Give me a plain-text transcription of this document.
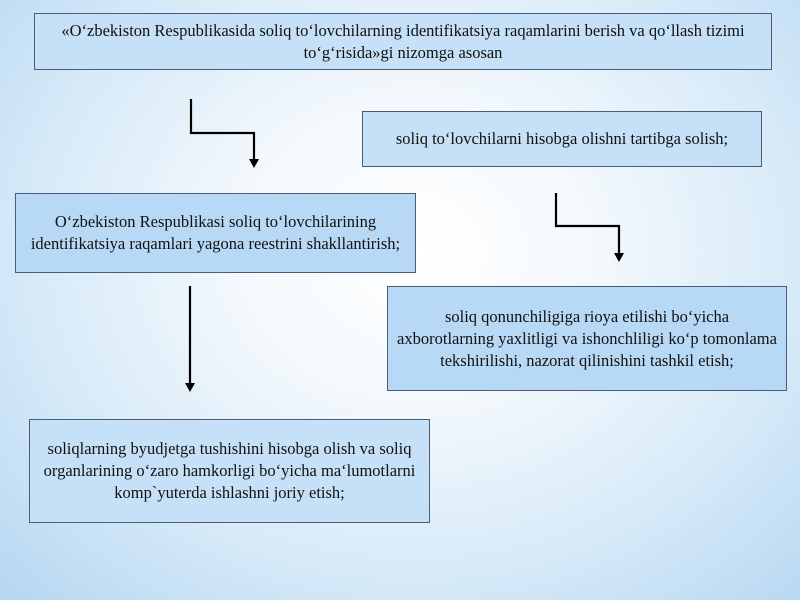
«O‘zbekiston Respublikasida soliq to‘lovchilarning identifikatsiya raqamlarini berish va qo‘llash tizimi to‘g‘risida»gi nizomga asosan
soliq to‘lovchilarni hisobga olishni tartibga solish;
O‘zbekiston Respublikasi soliq to‘lovchilarining identifikatsiya raqamlari yagona reestrini shakllantirish;
soliq qonunchiligiga rioya etilishi bo‘yicha axborotlarning yaxlitligi va ishonchliligi ko‘p tomonlama tekshirilishi, nazorat qilinishini tashkil etish;
soliqlarning byudjetga tushishini hisobga olish va soliq organlarining o‘zaro hamkorligi bo‘yicha ma‘lumotlarni komp`yuterda ishlashni joriy etish;
